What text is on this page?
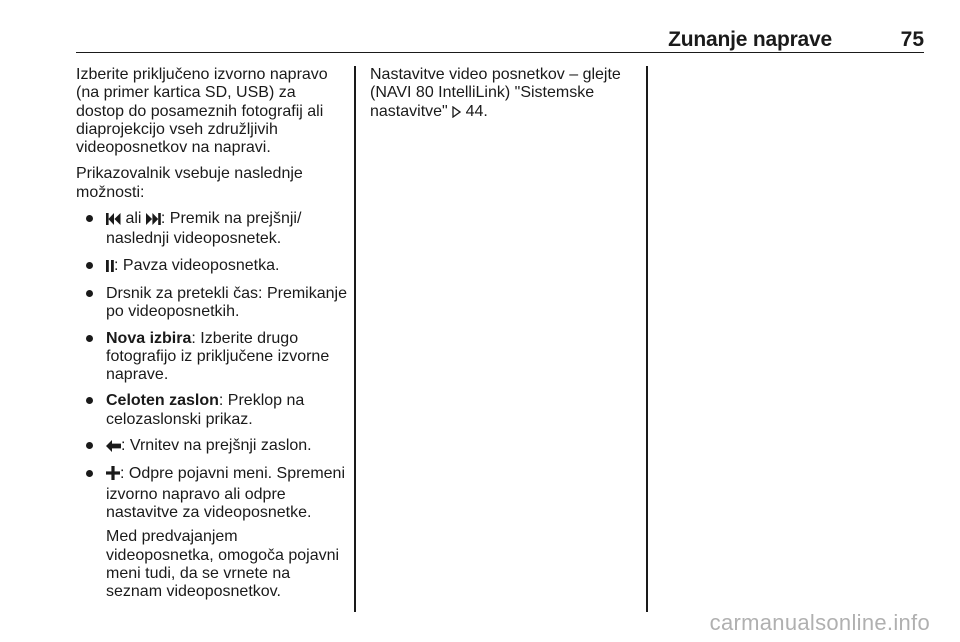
Zunanje naprave	75

Izberite priključeno izvorno napravo (na primer kartica SD, USB) za dostop do posameznih fotografij ali diaprojekcijo vseh združljivih videoposnetkov na napravi.

Prikazovalnik vsebuje naslednje možnosti:

ali : Premik na prejšnji/ naslednji videoposnetek.
: Pavza videoposnetka.
Drsnik za pretekli čas: Premikanje po videoposnetkih.
Nova izbira: Izberite drugo fotografijo iz priključene izvorne naprave.
Celoten zaslon: Preklop na celozaslonski prikaz.
: Vrnitev na prejšnji zaslon.
: Odpre pojavni meni. Spremeni izvorno napravo ali odpre nastavitve za videoposnetke.
Med predvajanjem videoposnetka, omogoča pojavni meni tudi, da se vrnete na seznam videoposnetkov.

Nastavitve video posnetkov – glejte (NAVI 80 IntelliLink) "Sistemske nastavitve"  44.

carmanualsonline.info
